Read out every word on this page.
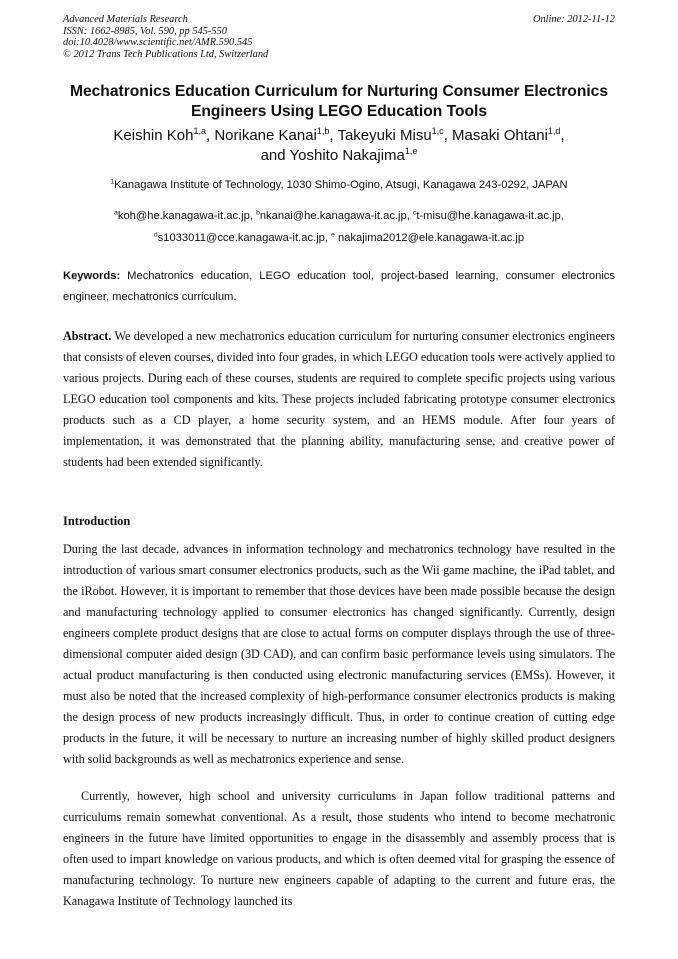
Advanced Materials Research
ISSN: 1662-8985, Vol. 590, pp 545-550
doi:10.4028/www.scientific.net/AMR.590.545
© 2012 Trans Tech Publications Ltd, Switzerland
Online: 2012-11-12
Mechatronics Education Curriculum for Nurturing Consumer Electronics
Engineers Using LEGO Education Tools
Keishin Koh$^{1,a}$, Norikane Kanai$^{1,b}$, Takeyuki Misu$^{1,c}$, Masaki Ohtani$^{1,d}$,
and Yoshito Nakajima$^{1,e}$
$^1$Kanagawa Institute of Technology, 1030 Shimo-Ogino, Atsugi, Kanagawa 243-0292, JAPAN
$^a$koh@he.kanagawa-it.ac.jp, $^b$nkanai@he.kanagawa-it.ac.jp, $^c$t-misu@he.kanagawa-it.ac.jp,
$^d$s1033011@cce.kanagawa-it.ac.jp, $^e$ nakajima2012@ele.kanagawa-it.ac.jp
Keywords: Mechatronics education, LEGO education tool, project-based learning, consumer electronics engineer, mechatronics curriculum.

Abstract. We developed a new mechatronics education curriculum for nurturing consumer electronics engineers that consists of eleven courses, divided into four grades, in which LEGO education tools were actively applied to various projects. During each of these courses, students are required to complete specific projects using various LEGO education tool components and kits. These projects included fabricating prototype consumer electronics products such as a CD player, a home security system, and an HEMS module. After four years of implementation, it was demonstrated that the planning ability, manufacturing sense, and creative power of students had been extended significantly.

Introduction

During the last decade, advances in information technology and mechatronics technology have resulted in the introduction of various smart consumer electronics products, such as the Wii game machine, the iPad tablet, and the iRobot. However, it is important to remember that those devices have been made possible because the design and manufacturing technology applied to consumer electronics has changed significantly. Currently, design engineers complete product designs that are close to actual forms on computer displays through the use of three-dimensional computer aided design (3D CAD), and can confirm basic performance levels using simulators. The actual product manufacturing is then conducted using electronic manufacturing services (EMSs). However, it must also be noted that the increased complexity of high-performance consumer electronics products is making the design process of new products increasingly difficult. Thus, in order to continue creation of cutting edge products in the future, it will be necessary to nurture an increasing number of highly skilled product designers with solid backgrounds as well as mechatronics experience and sense.

Currently, however, high school and university curriculums in Japan follow traditional patterns and curriculums remain somewhat conventional. As a result, those students who intend to become mechatronic engineers in the future have limited opportunities to engage in the disassembly and assembly process that is often used to impart knowledge on various products, and which is often deemed vital for grasping the essence of manufacturing technology. To nurture new engineers capable of adapting to the current and future eras, the Kanagawa Institute of Technology launched its
